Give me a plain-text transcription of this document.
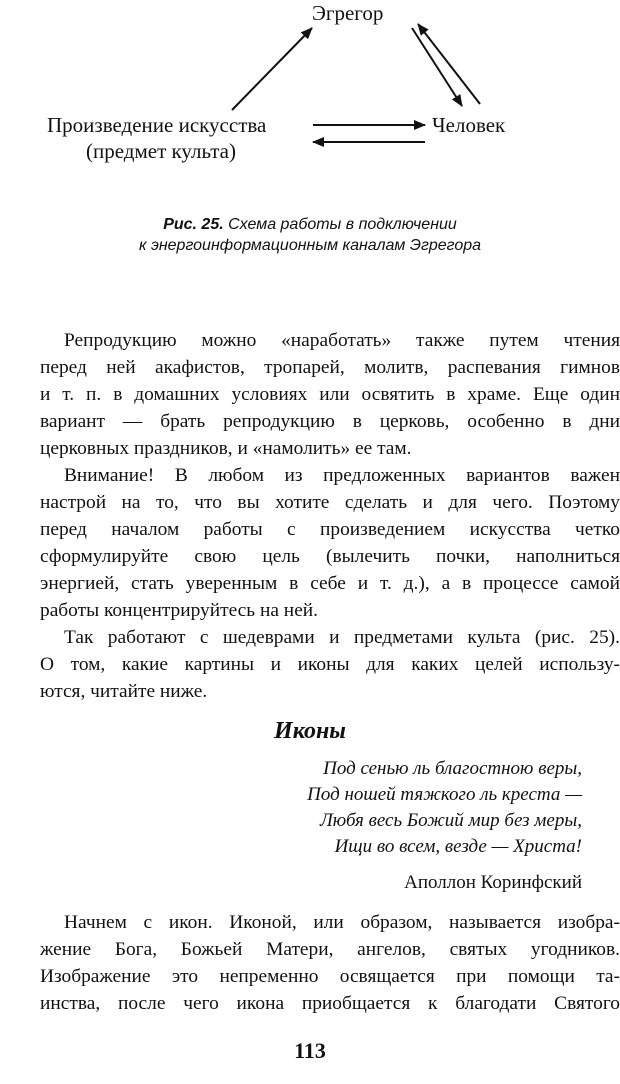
Эгрегор
Произведение искусства
(предмет культа)
Человек
Рис. 25. Схема работы в подключении
к энергоинформационным каналам Эгрегора
Репродукцию можно «наработать» также путем чтения
перед ней акафистов, тропарей, молитв, распевания гимнов
и т. п. в домашних условиях или освятить в храме. Еще один
вариант — брать репродукцию в церковь, особенно в дни
церковных праздников, и «намолить» ее там.
Внимание! В любом из предложенных вариантов важен
настрой на то, что вы хотите сделать и для чего. Поэтому
перед началом работы с произведением искусства четко
сформулируйте свою цель (вылечить почки, наполниться
энергией, стать уверенным в себе и т. д.), а в процессе самой
работы концентрируйтесь на ней.
Так работают с шедеврами и предметами культа (рис. 25).
О том, какие картины и иконы для каких целей использу-
ются, читайте ниже.
Иконы
Под сенью ль благостною веры,
Под ношей тяжкого ль креста —
Любя весь Божий мир без меры,
Ищи во всем, везде — Христа!
Аполлон Коринфский
Начнем с икон. Иконой, или образом, называется изобра-
жение Бога, Божьей Матери, ангелов, святых угодников.
Изображение это непременно освящается при помощи та-
инства, после чего икона приобщается к благодати Святого
113
